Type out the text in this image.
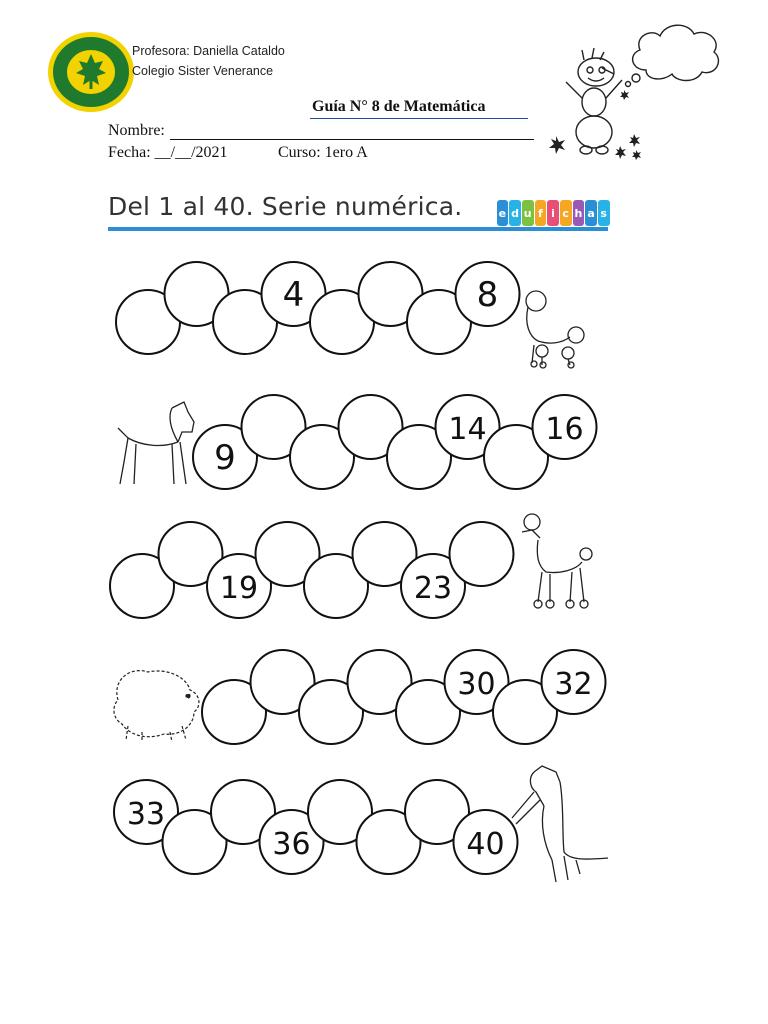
Profesora: Daniella Cataldo
Colegio Sister Venerance
Guía N° 8 de Matemática
Nombre:
Fecha: __/__/2021	Curso: 1ero A
Del 1 al 40. Serie numérica.	e d u f i c h a s
4	8
9
14 16
19	23
30 32
33
36	40
